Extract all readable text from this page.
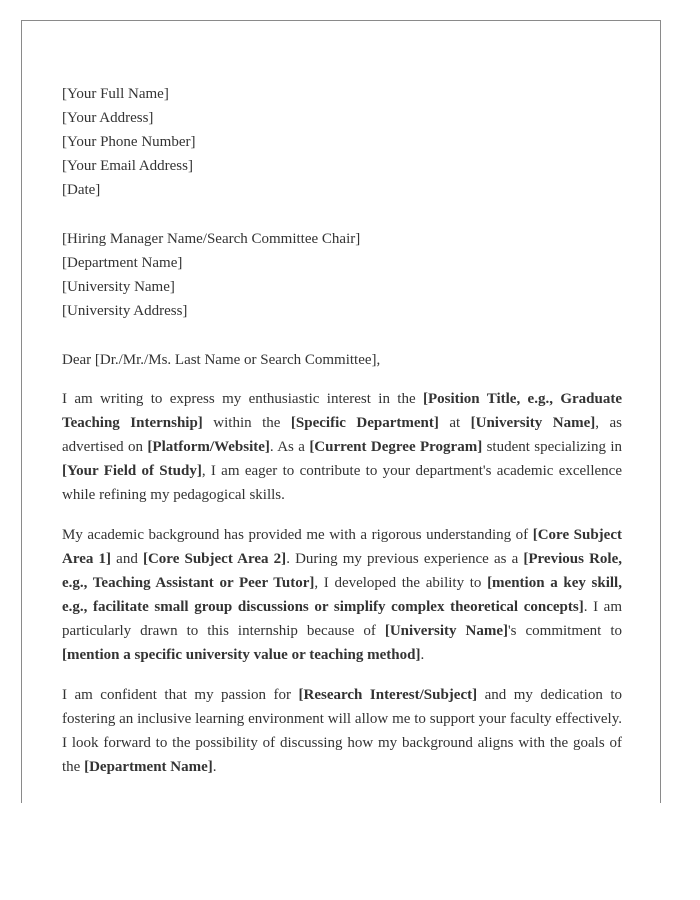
[Your Full Name]
[Your Address]
[Your Phone Number]
[Your Email Address]
[Date]
[Hiring Manager Name/Search Committee Chair]
[Department Name]
[University Name]
[University Address]
Dear [Dr./Mr./Ms. Last Name or Search Committee],

I am writing to express my enthusiastic interest in the [Position Title, e.g., Graduate Teaching Internship] within the [Specific Department] at [University Name], as advertised on [Platform/Website]. As a [Current Degree Program] student specializing in [Your Field of Study], I am eager to contribute to your department's academic excellence while refining my pedagogical skills.

My academic background has provided me with a rigorous understanding of [Core Subject Area 1] and [Core Subject Area 2]. During my previous experience as a [Previous Role, e.g., Teaching Assistant or Peer Tutor], I developed the ability to [mention a key skill, e.g., facilitate small group discussions or simplify complex theoretical concepts]. I am particularly drawn to this internship because of [University Name]'s commitment to [mention a specific university value or teaching method].

I am confident that my passion for [Research Interest/Subject] and my dedication to fostering an inclusive learning environment will allow me to support your faculty effectively. I look forward to the possibility of discussing how my background aligns with the goals of the [Department Name].
